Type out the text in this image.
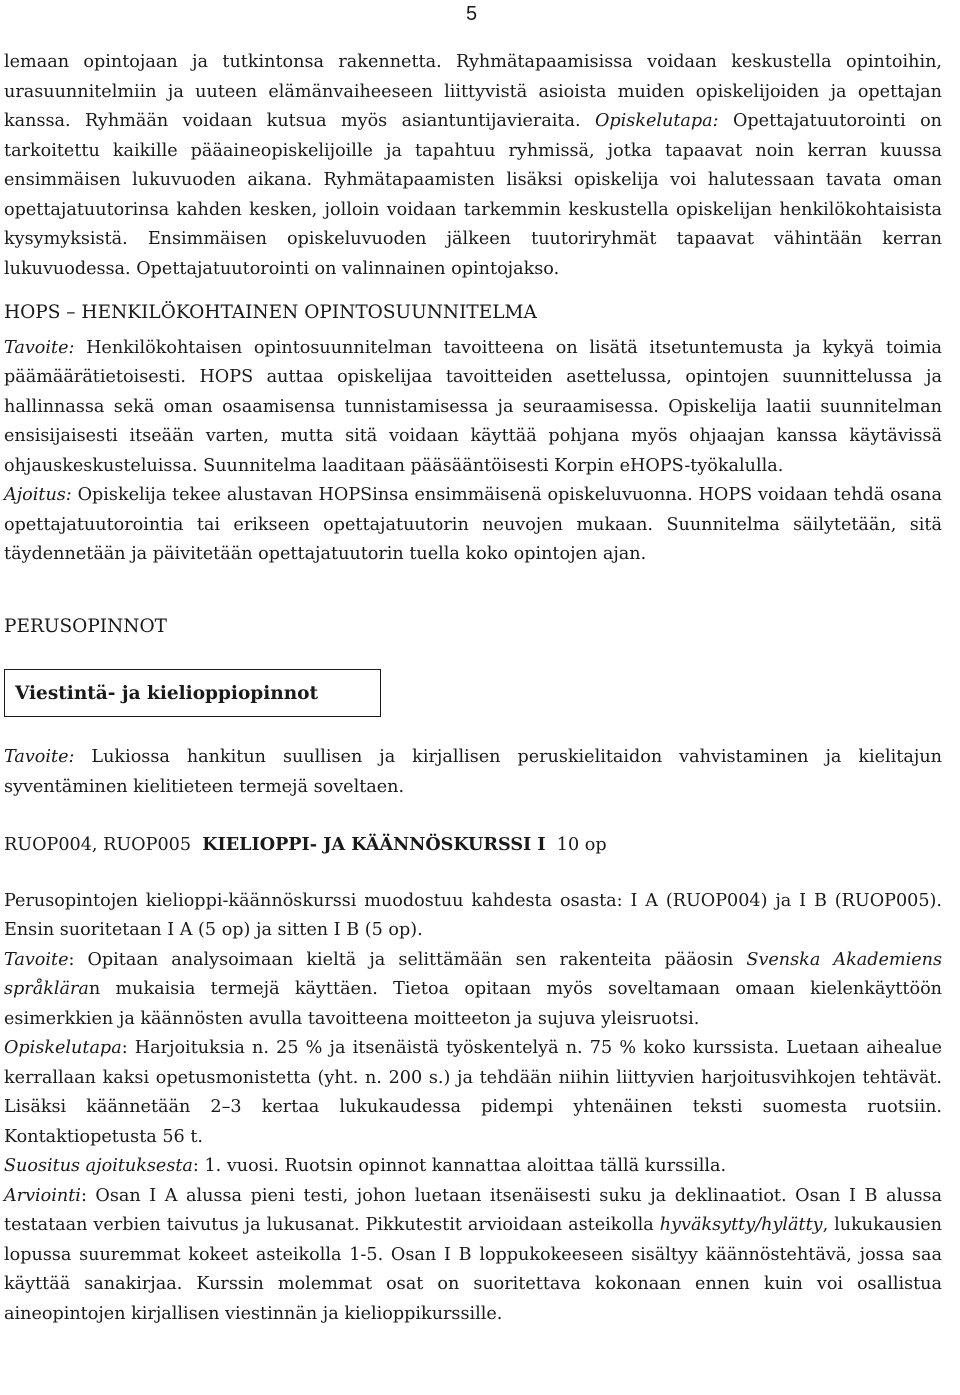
5

lemaan opintojaan ja tutkintonsa rakennetta. Ryhmätapaamisissa voidaan keskustella opintoihin, urasuunnitelmiin ja uuteen elämänvaiheeseen liittyvistä asioista muiden opiskelijoiden ja opettajan kanssa. Ryhmään voidaan kutsua myös asiantuntijavieraita. Opiskelutapa: Opettajatuutorointi on tarkoitettu kaikille pääaineopiskelijoille ja tapahtuu ryhmissä, jotka tapaavat noin kerran kuussa ensimmäisen lukuvuoden aikana. Ryhmätapaamisten lisäksi opiskelija voi halutessaan tavata oman opettajatuutorinsa kahden kesken, jolloin voidaan tarkemmin keskustella opiskelijan henkilökohtaisista kysymyksistä. Ensimmäisen opiskeluvuoden jälkeen tuutoriryhmät tapaavat vähintään kerran lukuvuodessa. Opettajatuutorointi on valinnainen opintojakso.

HOPS – HENKILÖKOHTAINEN OPINTOSUUNNITELMA

Tavoite: Henkilökohtaisen opintosuunnitelman tavoitteena on lisätä itsetuntemusta ja kykyä toimia päämäärätietoisesti. HOPS auttaa opiskelijaa tavoitteiden asettelussa, opintojen suunnittelussa ja hallinnassa sekä oman osaamisensa tunnistamisessa ja seuraamisessa. Opiskelija laatii suunnitelman ensisijaisesti itseään varten, mutta sitä voidaan käyttää pohjana myös ohjaajan kanssa käytävissä ohjauskeskusteluissa. Suunnitelma laaditaan pääsääntöisesti Korpin eHOPS-työkalulla.

Ajoitus: Opiskelija tekee alustavan HOPSinsa ensimmäisenä opiskeluvuonna. HOPS voidaan tehdä osana opettajatuutorointia tai erikseen opettajatuutorin neuvojen mukaan. Suunnitelma säilytetään, sitä täydennetään ja päivitetään opettajatuutorin tuella koko opintojen ajan.

PERUSOPINNOT
Viestintä- ja kielioppiopinnot

Tavoite: Lukiossa hankitun suullisen ja kirjallisen peruskielitaidon vahvistaminen ja kielitajun syventäminen kielitieteen termejä soveltaen.

RUOP004, RUOP005 KIELIOPPI- JA KÄÄNNÖSKURSSI I 10 op

Perusopintojen kielioppi-käännöskurssi muodostuu kahdesta osasta: I A (RUOP004) ja I B (RUOP005). Ensin suoritetaan I A (5 op) ja sitten I B (5 op).

Tavoite: Opitaan analysoimaan kieltä ja selittämään sen rakenteita pääosin Svenska Akademiens språkläran mukaisia termejä käyttäen. Tietoa opitaan myös soveltamaan omaan kielenkäyttöön esimerkkien ja käännösten avulla tavoitteena moitteeton ja sujuva yleisruotsi.

Opiskelutapa: Harjoituksia n. 25 % ja itsenäistä työskentelyä n. 75 % koko kurssista. Luetaan aihealue kerrallaan kaksi opetusmonistetta (yht. n. 200 s.) ja tehdään niihin liittyvien harjoitusvihkojen tehtävät. Lisäksi käännetään 2–3 kertaa lukukaudessa pidempi yhtenäinen teksti suomesta ruotsiin. Kontaktiopetusta 56 t.

Suositus ajoituksesta: 1. vuosi. Ruotsin opinnot kannattaa aloittaa tällä kurssilla.

Arviointi: Osan I A alussa pieni testi, johon luetaan itsenäisesti suku ja deklinaatiot. Osan I B alussa testataan verbien taivutus ja lukusanat. Pikkutestit arvioidaan asteikolla hyväksytty/hylätty, lukukausien lopussa suuremmat kokeet asteikolla 1-5. Osan I B loppukokeeseen sisältyy käännöstehtävä, jossa saa käyttää sanakirjaa. Kurssin molemmat osat on suoritettava kokonaan ennen kuin voi osallistua aineopintojen kirjallisen viestinnän ja kielioppikurssille.
